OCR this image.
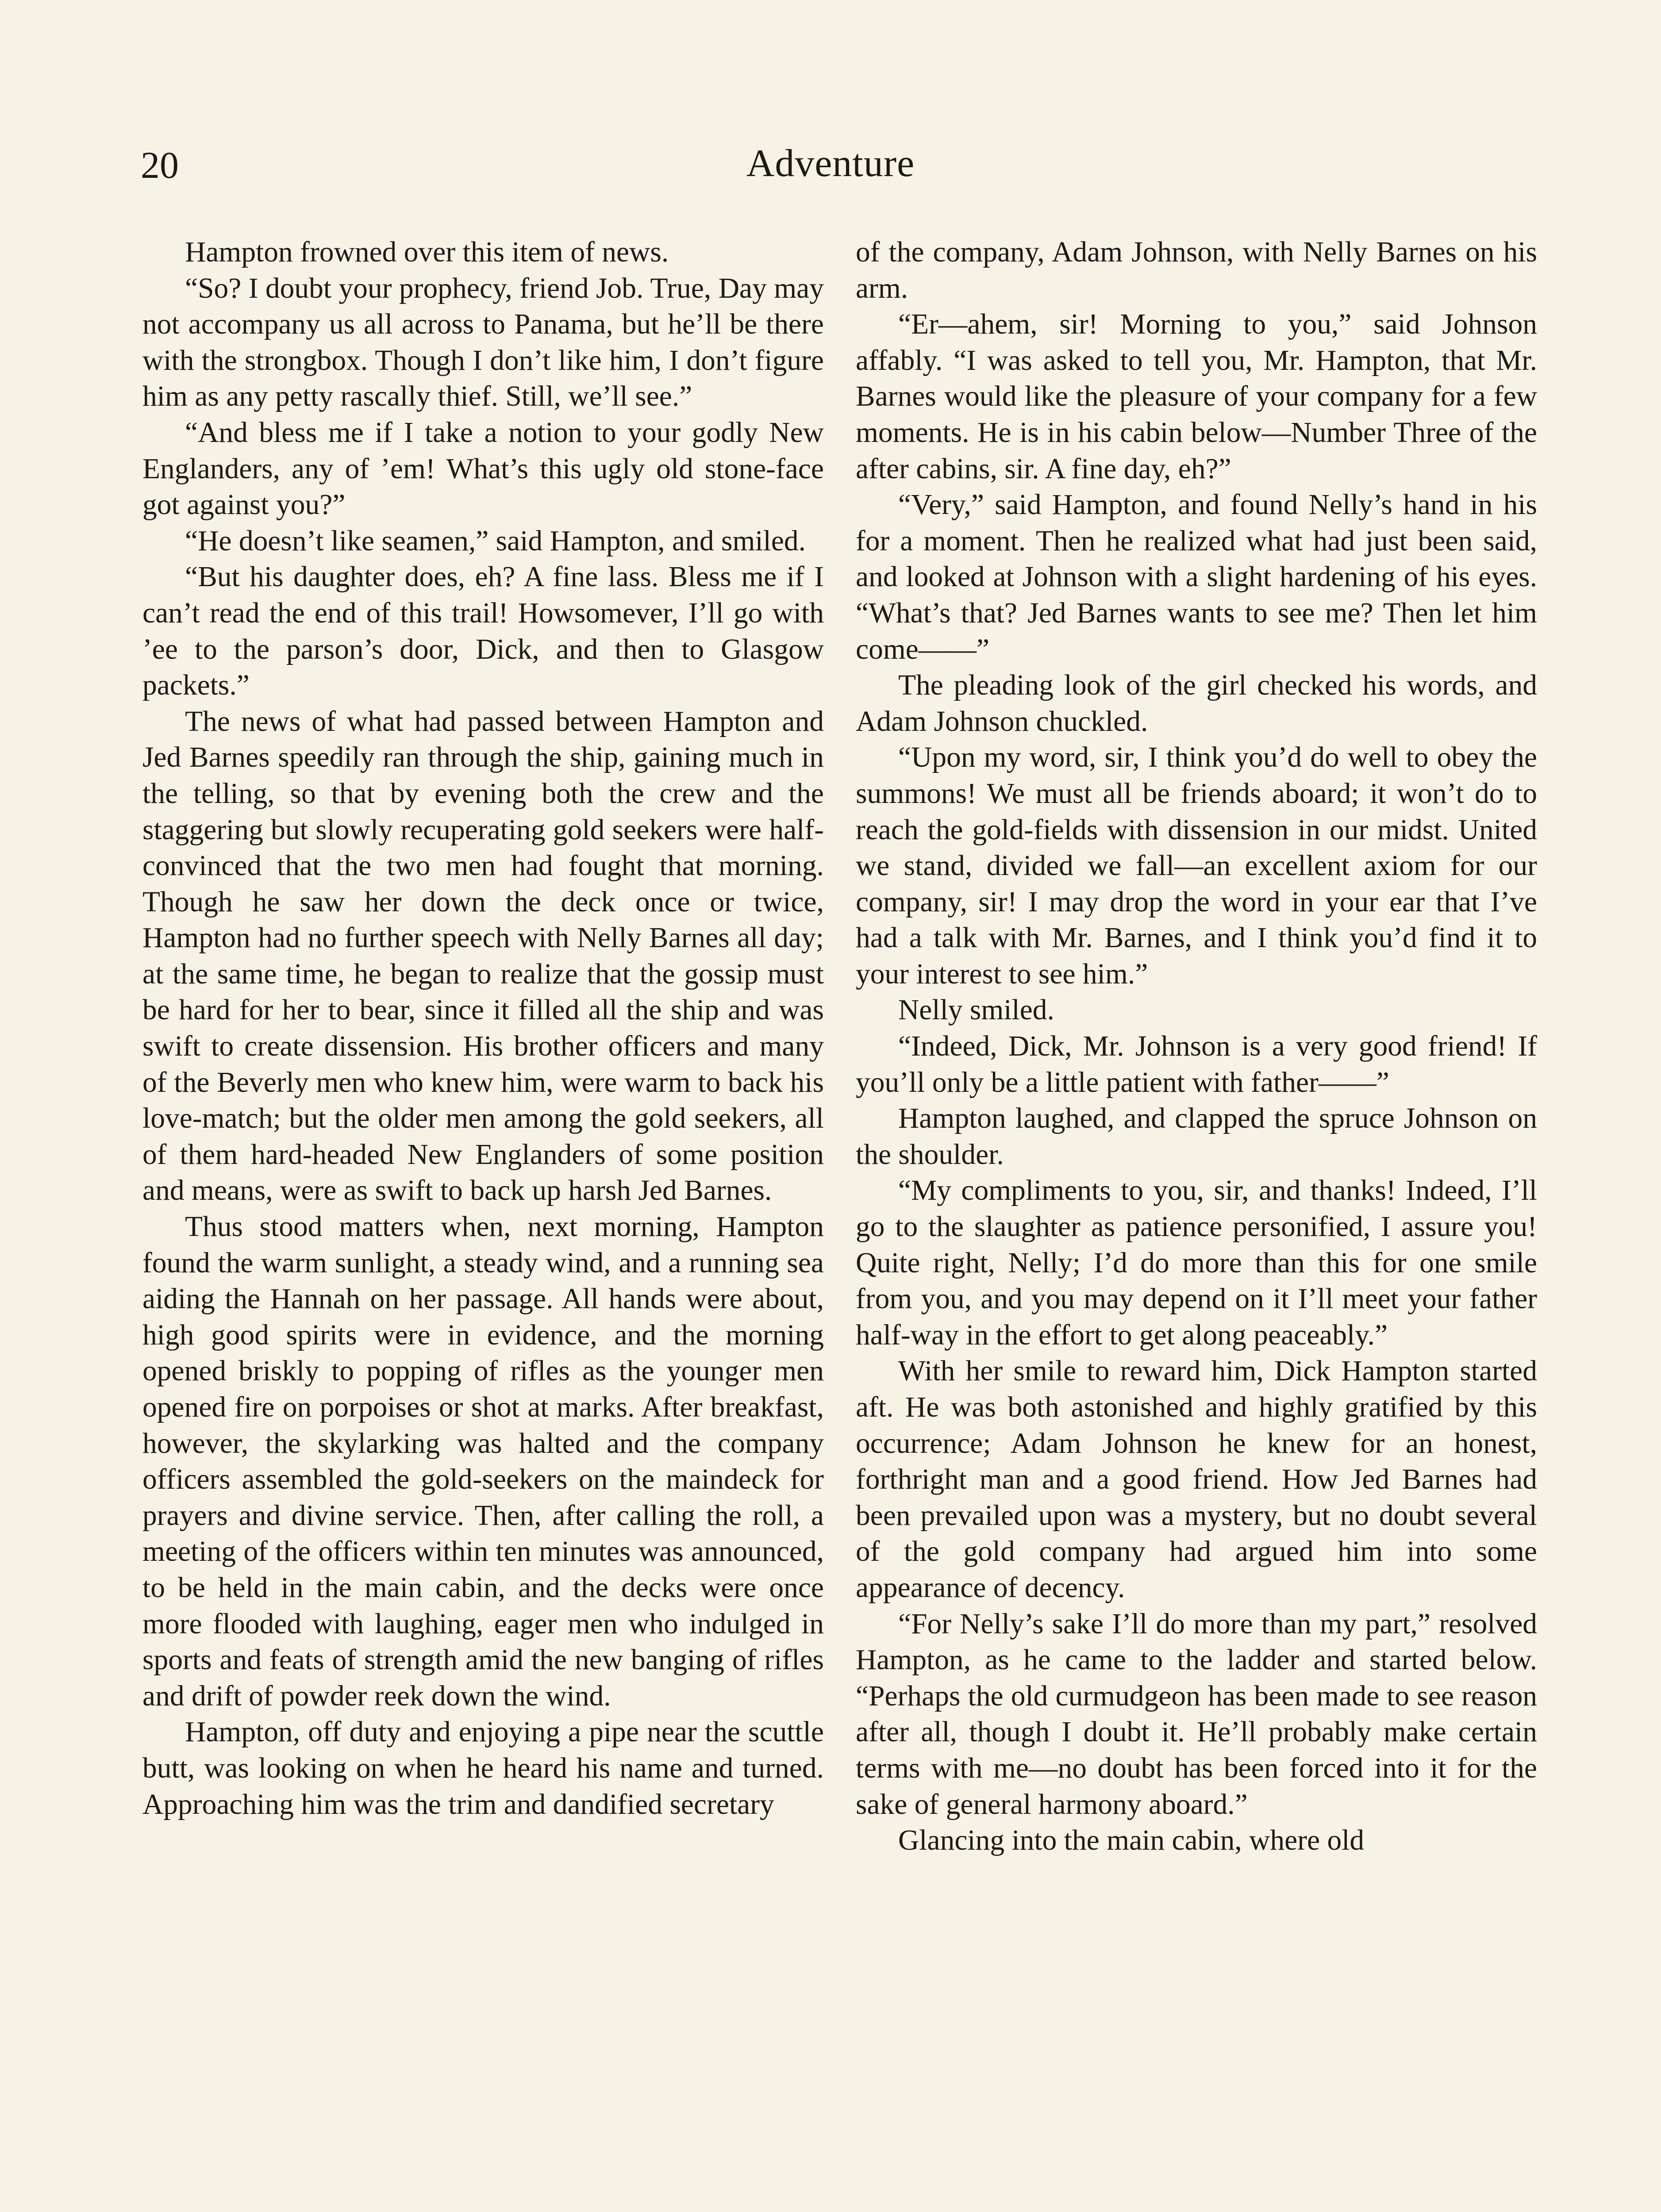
20	Adventure

Hampton frowned over this item of news.

“So? I doubt your prophecy, friend Job. True, Day may not accompany us all across to Panama, but he’ll be there with the strongbox. Though I don’t like him, I don’t figure him as any petty rascally thief. Still, we’ll see.”

“And bless me if I take a notion to your godly New Englanders, any of ’em! What’s this ugly old stone-face got against you?”

“He doesn’t like seamen,” said Hampton, and smiled.

“But his daughter does, eh? A fine lass. Bless me if I can’t read the end of this trail! Howsomever, I’ll go with ’ee to the parson’s door, Dick, and then to Glasgow packets.”

The news of what had passed between Hampton and Jed Barnes speedily ran through the ship, gaining much in the telling, so that by evening both the crew and the staggering but slowly recuperating gold seekers were half-convinced that the two men had fought that morning. Though he saw her down the deck once or twice, Hampton had no further speech with Nelly Barnes all day; at the same time, he began to realize that the gossip must be hard for her to bear, since it filled all the ship and was swift to create dissension. His brother officers and many of the Beverly men who knew him, were warm to back his love-match; but the older men among the gold seekers, all of them hard-headed New Englanders of some position and means, were as swift to back up harsh Jed Barnes.

Thus stood matters when, next morning, Hampton found the warm sunlight, a steady wind, and a running sea aiding the Hannah on her passage. All hands were about, high good spirits were in evidence, and the morning opened briskly to popping of rifles as the younger men opened fire on porpoises or shot at marks. After breakfast, however, the skylarking was halted and the company officers assembled the gold-seekers on the maindeck for prayers and divine service. Then, after calling the roll, a meeting of the officers within ten minutes was announced, to be held in the main cabin, and the decks were once more flooded with laughing, eager men who indulged in sports and feats of strength amid the new banging of rifles and drift of powder reek down the wind.

Hampton, off duty and enjoying a pipe near the scuttle butt, was looking on when he heard his name and turned. Approaching him was the trim and dandified secretary

of the company, Adam Johnson, with Nelly Barnes on his arm.

“Er—ahem, sir! Morning to you,” said Johnson affably. “I was asked to tell you, Mr. Hampton, that Mr. Barnes would like the pleasure of your company for a few moments. He is in his cabin below—Number Three of the after cabins, sir. A fine day, eh?”

“Very,” said Hampton, and found Nelly’s hand in his for a moment. Then he realized what had just been said, and looked at Johnson with a slight hardening of his eyes. “What’s that? Jed Barnes wants to see me? Then let him come——”

The pleading look of the girl checked his words, and Adam Johnson chuckled.

“Upon my word, sir, I think you’d do well to obey the summons! We must all be friends aboard; it won’t do to reach the gold-fields with dissension in our midst. United we stand, divided we fall—an excellent axiom for our company, sir! I may drop the word in your ear that I’ve had a talk with Mr. Barnes, and I think you’d find it to your interest to see him.”

Nelly smiled.

“Indeed, Dick, Mr. Johnson is a very good friend! If you’ll only be a little patient with father——”

Hampton laughed, and clapped the spruce Johnson on the shoulder.

“My compliments to you, sir, and thanks! Indeed, I’ll go to the slaughter as patience personified, I assure you! Quite right, Nelly; I’d do more than this for one smile from you, and you may depend on it I’ll meet your father half-way in the effort to get along peaceably.”

With her smile to reward him, Dick Hampton started aft. He was both astonished and highly gratified by this occurrence; Adam Johnson he knew for an honest, forthright man and a good friend. How Jed Barnes had been prevailed upon was a mystery, but no doubt several of the gold company had argued him into some appearance of decency.

“For Nelly’s sake I’ll do more than my part,” resolved Hampton, as he came to the ladder and started below. “Perhaps the old curmudgeon has been made to see reason after all, though I doubt it. He’ll probably make certain terms with me—no doubt has been forced into it for the sake of general harmony aboard.”

Glancing into the main cabin, where old
